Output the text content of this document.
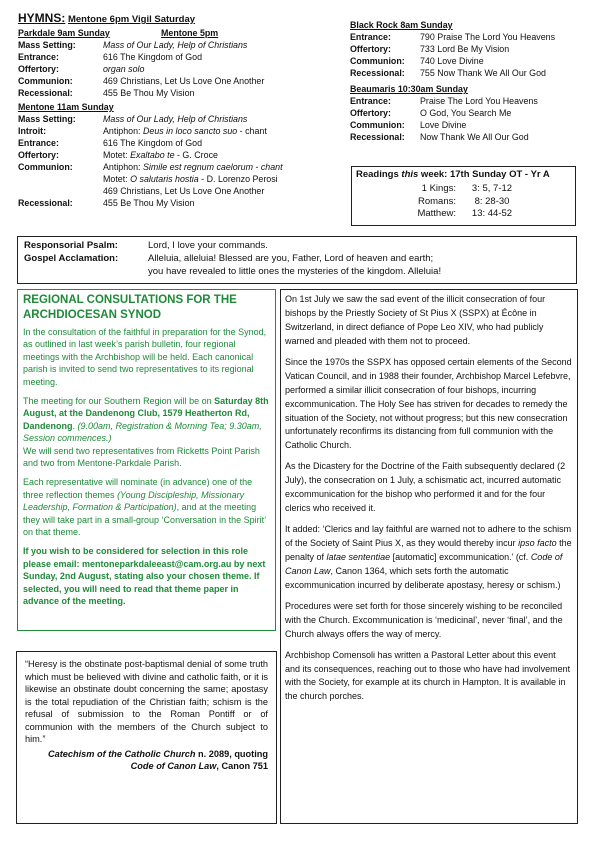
HYMNS: Mentone 6pm Vigil Saturday
Parkdale 9am Sunday	Mentone 5pm
Mass Setting:	Mass of Our Lady, Help of Christians
Entrance:	616 The Kingdom of God
Offertory:	organ solo
Communion:	469 Christians, Let Us Love One Another
Recessional:	455 Be Thou My Vision
Mentone 11am Sunday
Mass Setting:	Mass of Our Lady, Help of Christians
Introit:	Antiphon: Deus in loco sancto suo - chant
Entrance:	616 The Kingdom of God
Offertory:	Motet: Exaltabo te - G. Croce
Communion:	Antiphon: Simile est regnum caelorum - chant
Motet: O salutaris hostia - D. Lorenzo Perosi
469 Christians, Let Us Love One Another
Recessional:	455 Be Thou My Vision
Black Rock 8am Sunday
Entrance:	790 Praise The Lord You Heavens
Offertory:	733 Lord Be My Vision
Communion:	740 Love Divine
Recessional:	755 Now Thank We All Our God
Beaumaris 10:30am Sunday
Entrance:	Praise The Lord You Heavens
Offertory:	O God, You Search Me
Communion:	Love Divine
Recessional:	Now Thank We All Our God
Readings this week: 17th Sunday OT - Yr A
1 Kings:	3: 5, 7-12
Romans:	8: 28-30
Matthew:	13: 44-52
Responsorial Psalm:	Lord, I love your commands.
Gospel Acclamation:	Alleluia, alleluia! Blessed are you, Father, Lord of heaven and earth;
you have revealed to little ones the mysteries of the kingdom. Alleluia!
REGIONAL CONSULTATIONS FOR THE ARCHDIOCESAN SYNOD

In the consultation of the faithful in preparation for the Synod, as outlined in last week’s parish bulletin, four regional meetings with the Archbishop will be held. Each canonical parish is invited to send two representatives to its regional meeting.

The meeting for our Southern Region will be on Saturday 8th August, at the Dandenong Club, 1579 Heatherton Rd, Dandenong. (9.00am, Registration & Morning Tea; 9.30am, Session commences.)

We will send two representatives from Ricketts Point Parish and two from Mentone-Parkdale Parish.

Each representative will nominate (in advance) one of the three reflection themes (Young Discipleship, Missionary Leadership, Formation & Participation), and at the meeting they will take part in a small-group ‘Conversation in the Spirit’ on that theme.

If you wish to be considered for selection in this role please email: mentoneparkdaleeast@cam.org.au by next Sunday, 2nd August, stating also your chosen theme. If selected, you will need to read that theme paper in advance of the meeting.

“Heresy is the obstinate post-baptismal denial of some truth which must be believed with divine and catholic faith, or it is likewise an obstinate doubt concerning the same; apostasy is the total repudiation of the Christian faith; schism is the refusal of submission to the Roman Pontiff or of communion with the members of the Church subject to him.”

Catechism of the Catholic Church n. 2089, quoting
Code of Canon Law, Canon 751

On 1st July we saw the sad event of the illicit consecration of four bishops by the Priestly Society of St Pius X (SSPX) at Écône in Switzerland, in direct defiance of Pope Leo XIV, who had publicly warned and pleaded with them not to proceed.

Since the 1970s the SSPX has opposed certain elements of the Second Vatican Council, and in 1988 their founder, Archbishop Marcel Lefebvre, performed a similar illicit consecration of four bishops, incurring excommunication. The Holy See has striven for decades to remedy the situation of the Society, not without progress; but this new consecration unfortunately reconfirms its distancing from full communion with the Catholic Church.

As the Dicastery for the Doctrine of the Faith subsequently declared (2 July), the consecration on 1 July, a schismatic act, incurred automatic excommunication for the bishop who performed it and for the four clerics who received it.

It added: ‘Clerics and lay faithful are warned not to adhere to the schism of the Society of Saint Pius X, as they would thereby incur ipso facto the penalty of latae sententiae [automatic] excommunication.’ (cf. Code of Canon Law, Canon 1364, which sets forth the automatic excommunication incurred by deliberate apostasy, heresy or schism.)

Procedures were set forth for those sincerely wishing to be reconciled with the Church. Excommunication is ‘medicinal’, never ‘final’, and the Church always offers the way of mercy.

Archbishop Comensoli has written a Pastoral Letter about this event and its consequences, reaching out to those who have had involvement with the Society, for example at its church in Hampton. It is available in the church porches.
